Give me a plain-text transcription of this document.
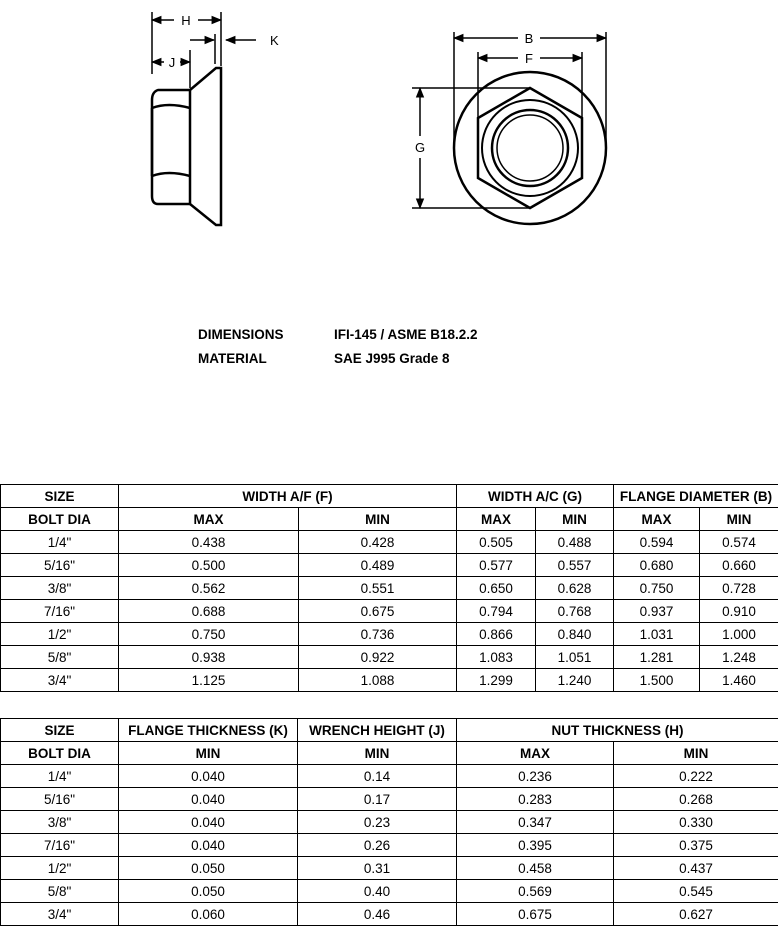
H
K
J
B
F
G
DIMENSIONS	IFI-145 / ASME B18.2.2
MATERIAL	SAE J995 Grade 8
SIZE	WIDTH A/F (F)		WIDTH A/C (G)		FLANGE DIAMETER (B)	
BOLT DIA	MAX	MIN	MAX	MIN	MAX	MIN
1/4"	0.438	0.428	0.505	0.488	0.594	0.574
5/16"	0.500	0.489	0.577	0.557	0.680	0.660
3/8"	0.562	0.551	0.650	0.628	0.750	0.728
7/16"	0.688	0.675	0.794	0.768	0.937	0.910
1/2"	0.750	0.736	0.866	0.840	1.031	1.000
5/8"	0.938	0.922	1.083	1.051	1.281	1.248
3/4"	1.125	1.088	1.299	1.240	1.500	1.460
SIZE	FLANGE THICKNESS (K)	WRENCH HEIGHT (J)	NUT THICKNESS (H)	
BOLT DIA	MIN	MIN	MAX	MIN
1/4"	0.040	0.14	0.236	0.222
5/16"	0.040	0.17	0.283	0.268
3/8"	0.040	0.23	0.347	0.330
7/16"	0.040	0.26	0.395	0.375
1/2"	0.050	0.31	0.458	0.437
5/8"	0.050	0.40	0.569	0.545
3/4"	0.060	0.46	0.675	0.627
